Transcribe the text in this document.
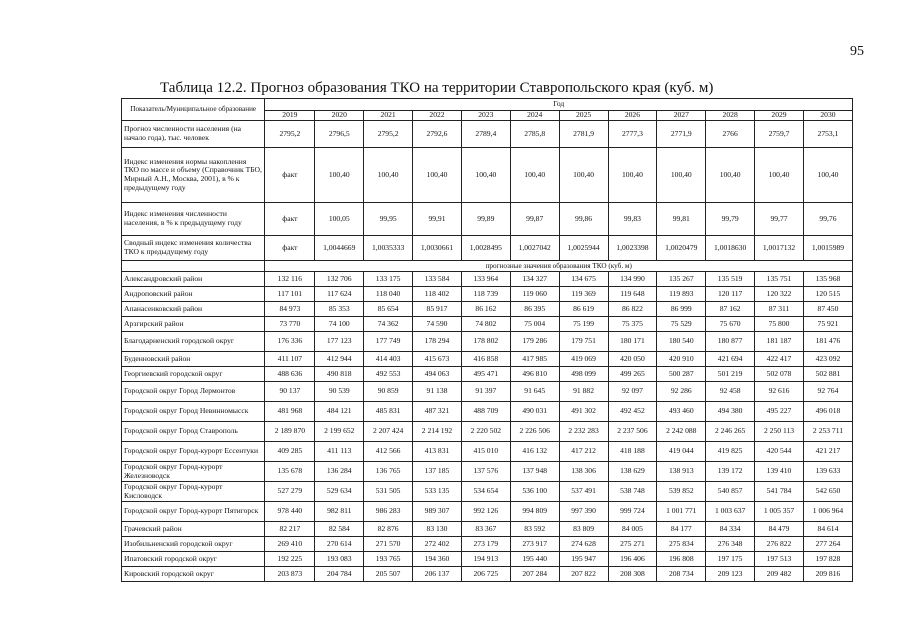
95
Таблица 12.2. Прогноз образования ТКО на территории Ставропольского края (куб. м)
Показатель/Муниципальное образование	Год											
	2019	2020	2021	2022	2023	2024	2025	2026	2027	2028	2029	2030
Прогноз численности населения (на начало года), тыс. человек	2795,2	2796,5	2795,2	2792,6	2789,4	2785,8	2781,9	2777,3	2771,9	2766	2759,7	2753,1
Индекс изменения нормы накопления ТКО по массе и объему (Справочник ТБО, Мирный А.Н., Москва, 2001), в % к предыдущему году	факт	100,40	100,40	100,40	100,40	100,40	100,40	100,40	100,40	100,40	100,40	100,40
Индекс изменения численности населения, в % к предыдущему году	факт	100,05	99,95	99,91	99,89	99,87	99,86	99,83	99,81	99,79	99,77	99,76
Сводный индекс изменения количества ТКО к предыдущему году	факт	1,0044669	1,0035333	1,0030661	1,0028495	1,0027042	1,0025944	1,0023398	1,0020479	1,0018630	1,0017132	1,0015989
	прогнозные значения образования ТКО (куб. м)											
Александровский район	132 116	132 706	133 175	133 584	133 964	134 327	134 675	134 990	135 267	135 519	135 751	135 968
Андроповский район	117 101	117 624	118 040	118 402	118 739	119 060	119 369	119 648	119 893	120 117	120 322	120 515
Апанасенковский район	84 973	85 353	85 654	85 917	86 162	86 395	86 619	86 822	86 999	87 162	87 311	87 450
Арзгирский район	73 770	74 100	74 362	74 590	74 802	75 004	75 199	75 375	75 529	75 670	75 800	75 921
Благодарненский городской округ	176 336	177 123	177 749	178 294	178 802	179 286	179 751	180 171	180 540	180 877	181 187	181 476
Буденновский район	411 107	412 944	414 403	415 673	416 858	417 985	419 069	420 050	420 910	421 694	422 417	423 092
Георгиевский городской округ	488 636	490 818	492 553	494 063	495 471	496 810	498 099	499 265	500 287	501 219	502 078	502 881
Городской округ Город Лермонтов	90 137	90 539	90 859	91 138	91 397	91 645	91 882	92 097	92 286	92 458	92 616	92 764
Городской округ Город Невинномысск	481 968	484 121	485 831	487 321	488 709	490 031	491 302	492 452	493 460	494 380	495 227	496 018
Городской округ Город Ставрополь	2 189 870	2 199 652	2 207 424	2 214 192	2 220 502	2 226 506	2 232 283	2 237 506	2 242 088	2 246 265	2 250 113	2 253 711
Городской округ Город-курорт Ессентуки	409 285	411 113	412 566	413 831	415 010	416 132	417 212	418 188	419 044	419 825	420 544	421 217
Городской округ Город-курорт Железноводск	135 678	136 284	136 765	137 185	137 576	137 948	138 306	138 629	138 913	139 172	139 410	139 633
Городской округ Город-курорт Кисловодск	527 279	529 634	531 505	533 135	534 654	536 100	537 491	538 748	539 852	540 857	541 784	542 650
Городской округ Город-курорт Пятигорск	978 440	982 811	986 283	989 307	992 126	994 809	997 390	999 724	1 001 771	1 003 637	1 005 357	1 006 964
Грачевский район	82 217	82 584	82 876	83 130	83 367	83 592	83 809	84 005	84 177	84 334	84 479	84 614
Изобильненский городской округ	269 410	270 614	271 570	272 402	273 179	273 917	274 628	275 271	275 834	276 348	276 822	277 264
Ипатовский городской округ	192 225	193 083	193 765	194 360	194 913	195 440	195 947	196 406	196 808	197 175	197 513	197 828
Кировский городской округ	203 873	204 784	205 507	206 137	206 725	207 284	207 822	208 308	208 734	209 123	209 482	209 816
